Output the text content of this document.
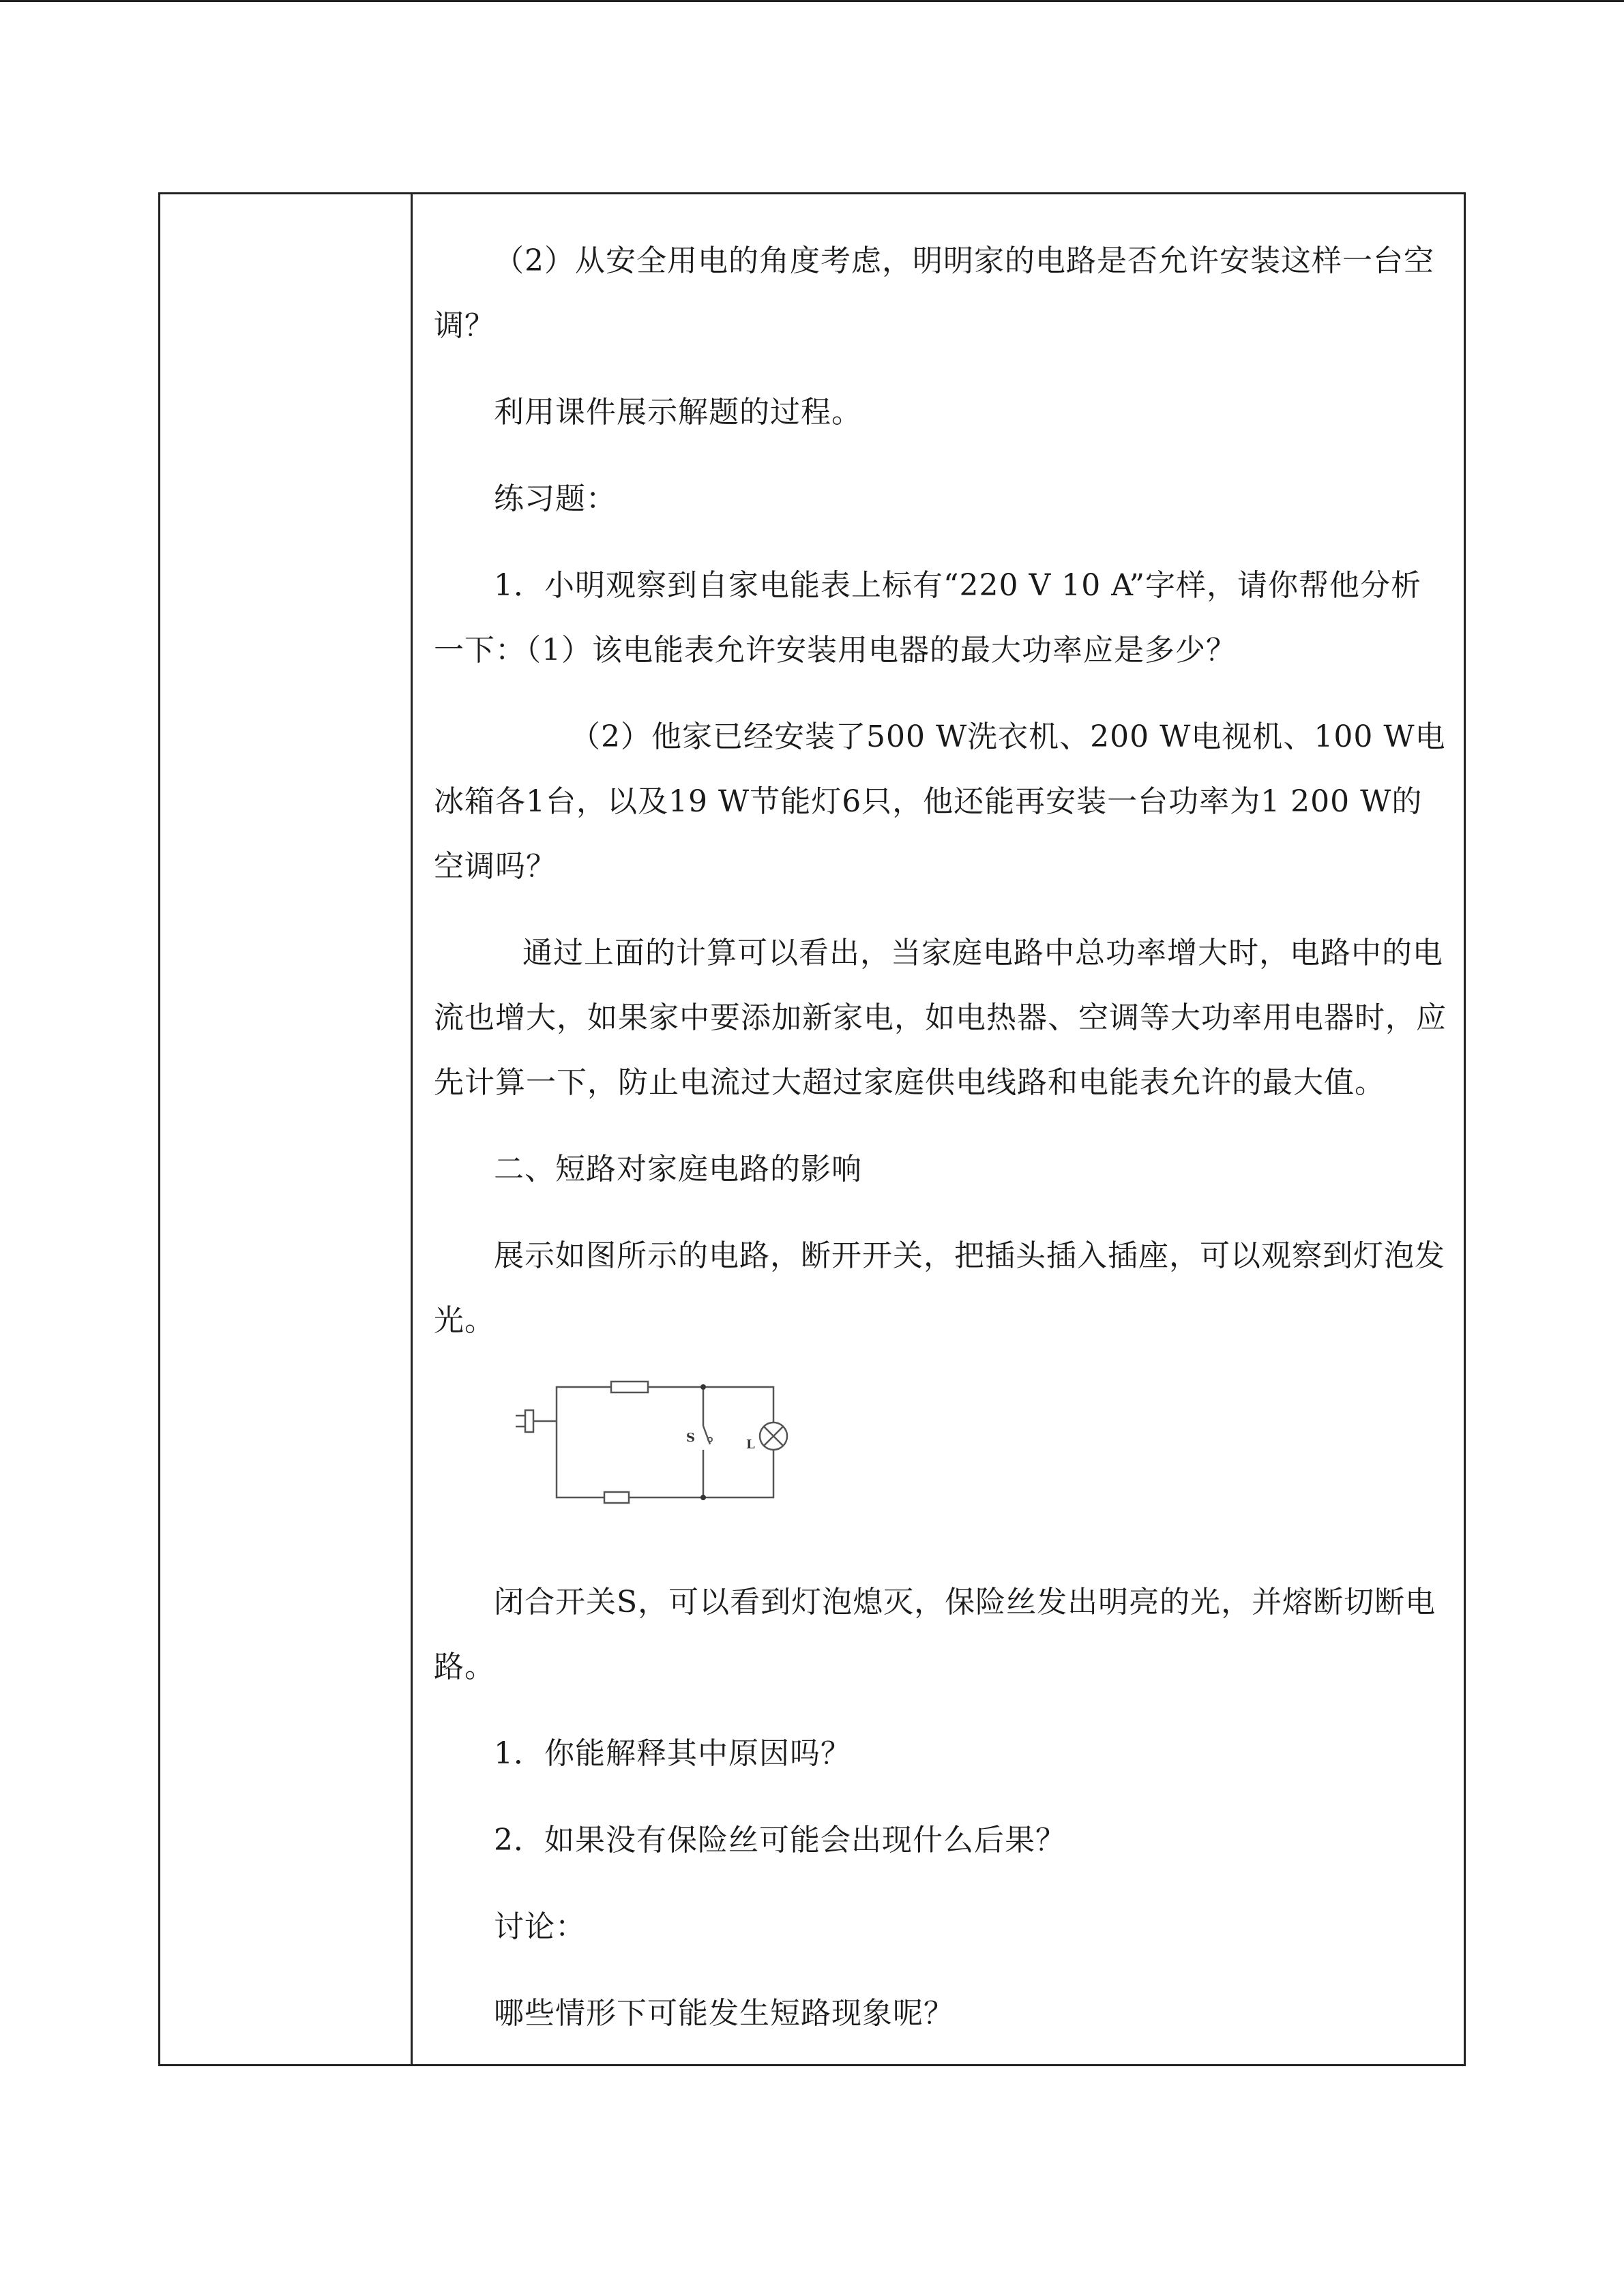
（2）从安全用电的角度考虑，明明家的电路是否允许安装这样一台空调？

利用课件展示解题的过程。

练习题：

1．小明观察到自家电能表上标有“220 V 10 A”字样，请你帮他分析一下：（1）该电能表允许安装用电器的最大功率应是多少？

（2）他家已经安装了500 W洗衣机、200 W电视机、100 W电冰箱各1台，以及19 W节能灯6只，他还能再安装一台功率为1 200 W的空调吗？

通过上面的计算可以看出，当家庭电路中总功率增大时，电路中的电流也增大，如果家中要添加新家电，如电热器、空调等大功率用电器时，应先计算一下，防止电流过大超过家庭供电线路和电能表允许的最大值。

二、短路对家庭电路的影响

展示如图所示的电路，断开开关，把插头插入插座，可以观察到灯泡发光。

S	L

闭合开关S，可以看到灯泡熄灭，保险丝发出明亮的光，并熔断切断电路。

1．你能解释其中原因吗？

2．如果没有保险丝可能会出现什么后果？

讨论：

哪些情形下可能发生短路现象呢？
